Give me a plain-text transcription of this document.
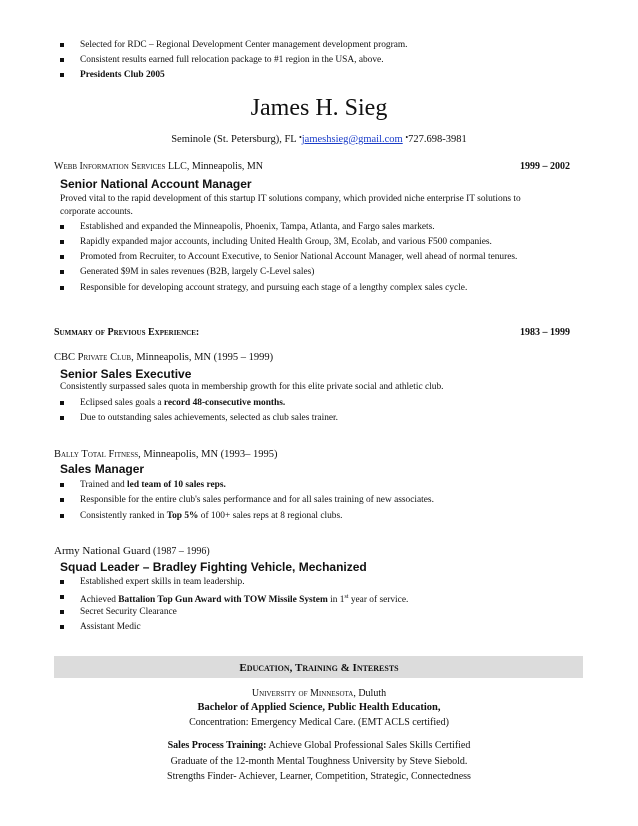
Selected for RDC – Regional Development Center management development program.
Consistent results earned full relocation package to #1 region in the USA, above.
Presidents Club 2005
James H. Sieg
Seminole (St. Petersburg), FL •jameshsieg@gmail.com •727.698-3981
Webb Information Services LLC, Minneapolis, MN	1999 – 2002
Senior National Account Manager
Proved vital to the rapid development of this startup IT solutions company, which provided niche enterprise IT solutions to
corporate accounts.
Established and expanded the Minneapolis, Phoenix, Tampa, Atlanta, and Fargo sales markets.
Rapidly expanded major accounts, including United Health Group, 3M, Ecolab, and various F500 companies.
Promoted from Recruiter, to Account Executive, to Senior National Account Manager, well ahead of normal tenures.
Generated $9M in sales revenues (B2B, largely C-Level sales)
Responsible for developing account strategy, and pursuing each stage of a lengthy complex sales cycle.
Summary of Previous Experience:	1983 – 1999
CBC Private Club, Minneapolis, MN (1995 – 1999)
Senior Sales Executive
Consistently surpassed sales quota in membership growth for this elite private social and athletic club.
Eclipsed sales goals a record 48-consecutive months.
Due to outstanding sales achievements, selected as club sales trainer.
Bally Total Fitness, Minneapolis, MN (1993– 1995)
Sales Manager
Trained and led team of 10 sales reps.
Responsible for the entire club's sales performance and for all sales training of new associates.
Consistently ranked in Top 5% of 100+ sales reps at 8 regional clubs.
Army National Guard (1987 – 1996)
Squad Leader – Bradley Fighting Vehicle, Mechanized
Established expert skills in team leadership.
Achieved Battalion Top Gun Award with TOW Missile System in 1st year of service.
Secret Security Clearance
Assistant Medic
Education, Training & Interests
University of Minnesota, Duluth
Bachelor of Applied Science, Public Health Education,
Concentration: Emergency Medical Care. (EMT ACLS certified)
Sales Process Training: Achieve Global Professional Sales Skills Certified
Graduate of the 12-month Mental Toughness University by Steve Siebold.
Strengths Finder- Achiever, Learner, Competition, Strategic, Connectedness
